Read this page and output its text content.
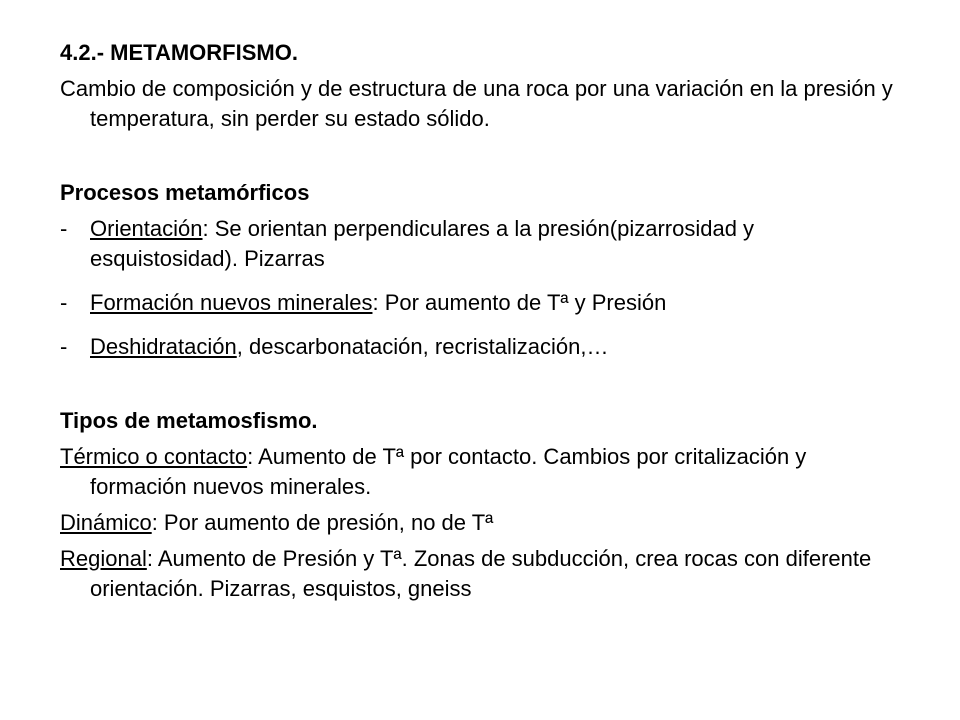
4.2.- METAMORFISMO.

Cambio de composición y de estructura de una roca por una variación en la presión y temperatura, sin perder su estado sólido.

Procesos metamórficos

- Orientación: Se orientan perpendiculares a la presión(pizarrosidad y esquistosidad). Pizarras

- Formación nuevos minerales: Por aumento de Tª y Presión

- Deshidratación, descarbonatación, recristalización,…

Tipos de metamosfismo.

Térmico o contacto: Aumento de Tª por contacto. Cambios por critalización y formación nuevos minerales.

Dinámico: Por aumento de presión, no de Tª

Regional: Aumento de Presión y Tª. Zonas de subducción, crea rocas con diferente orientación. Pizarras, esquistos, gneiss
